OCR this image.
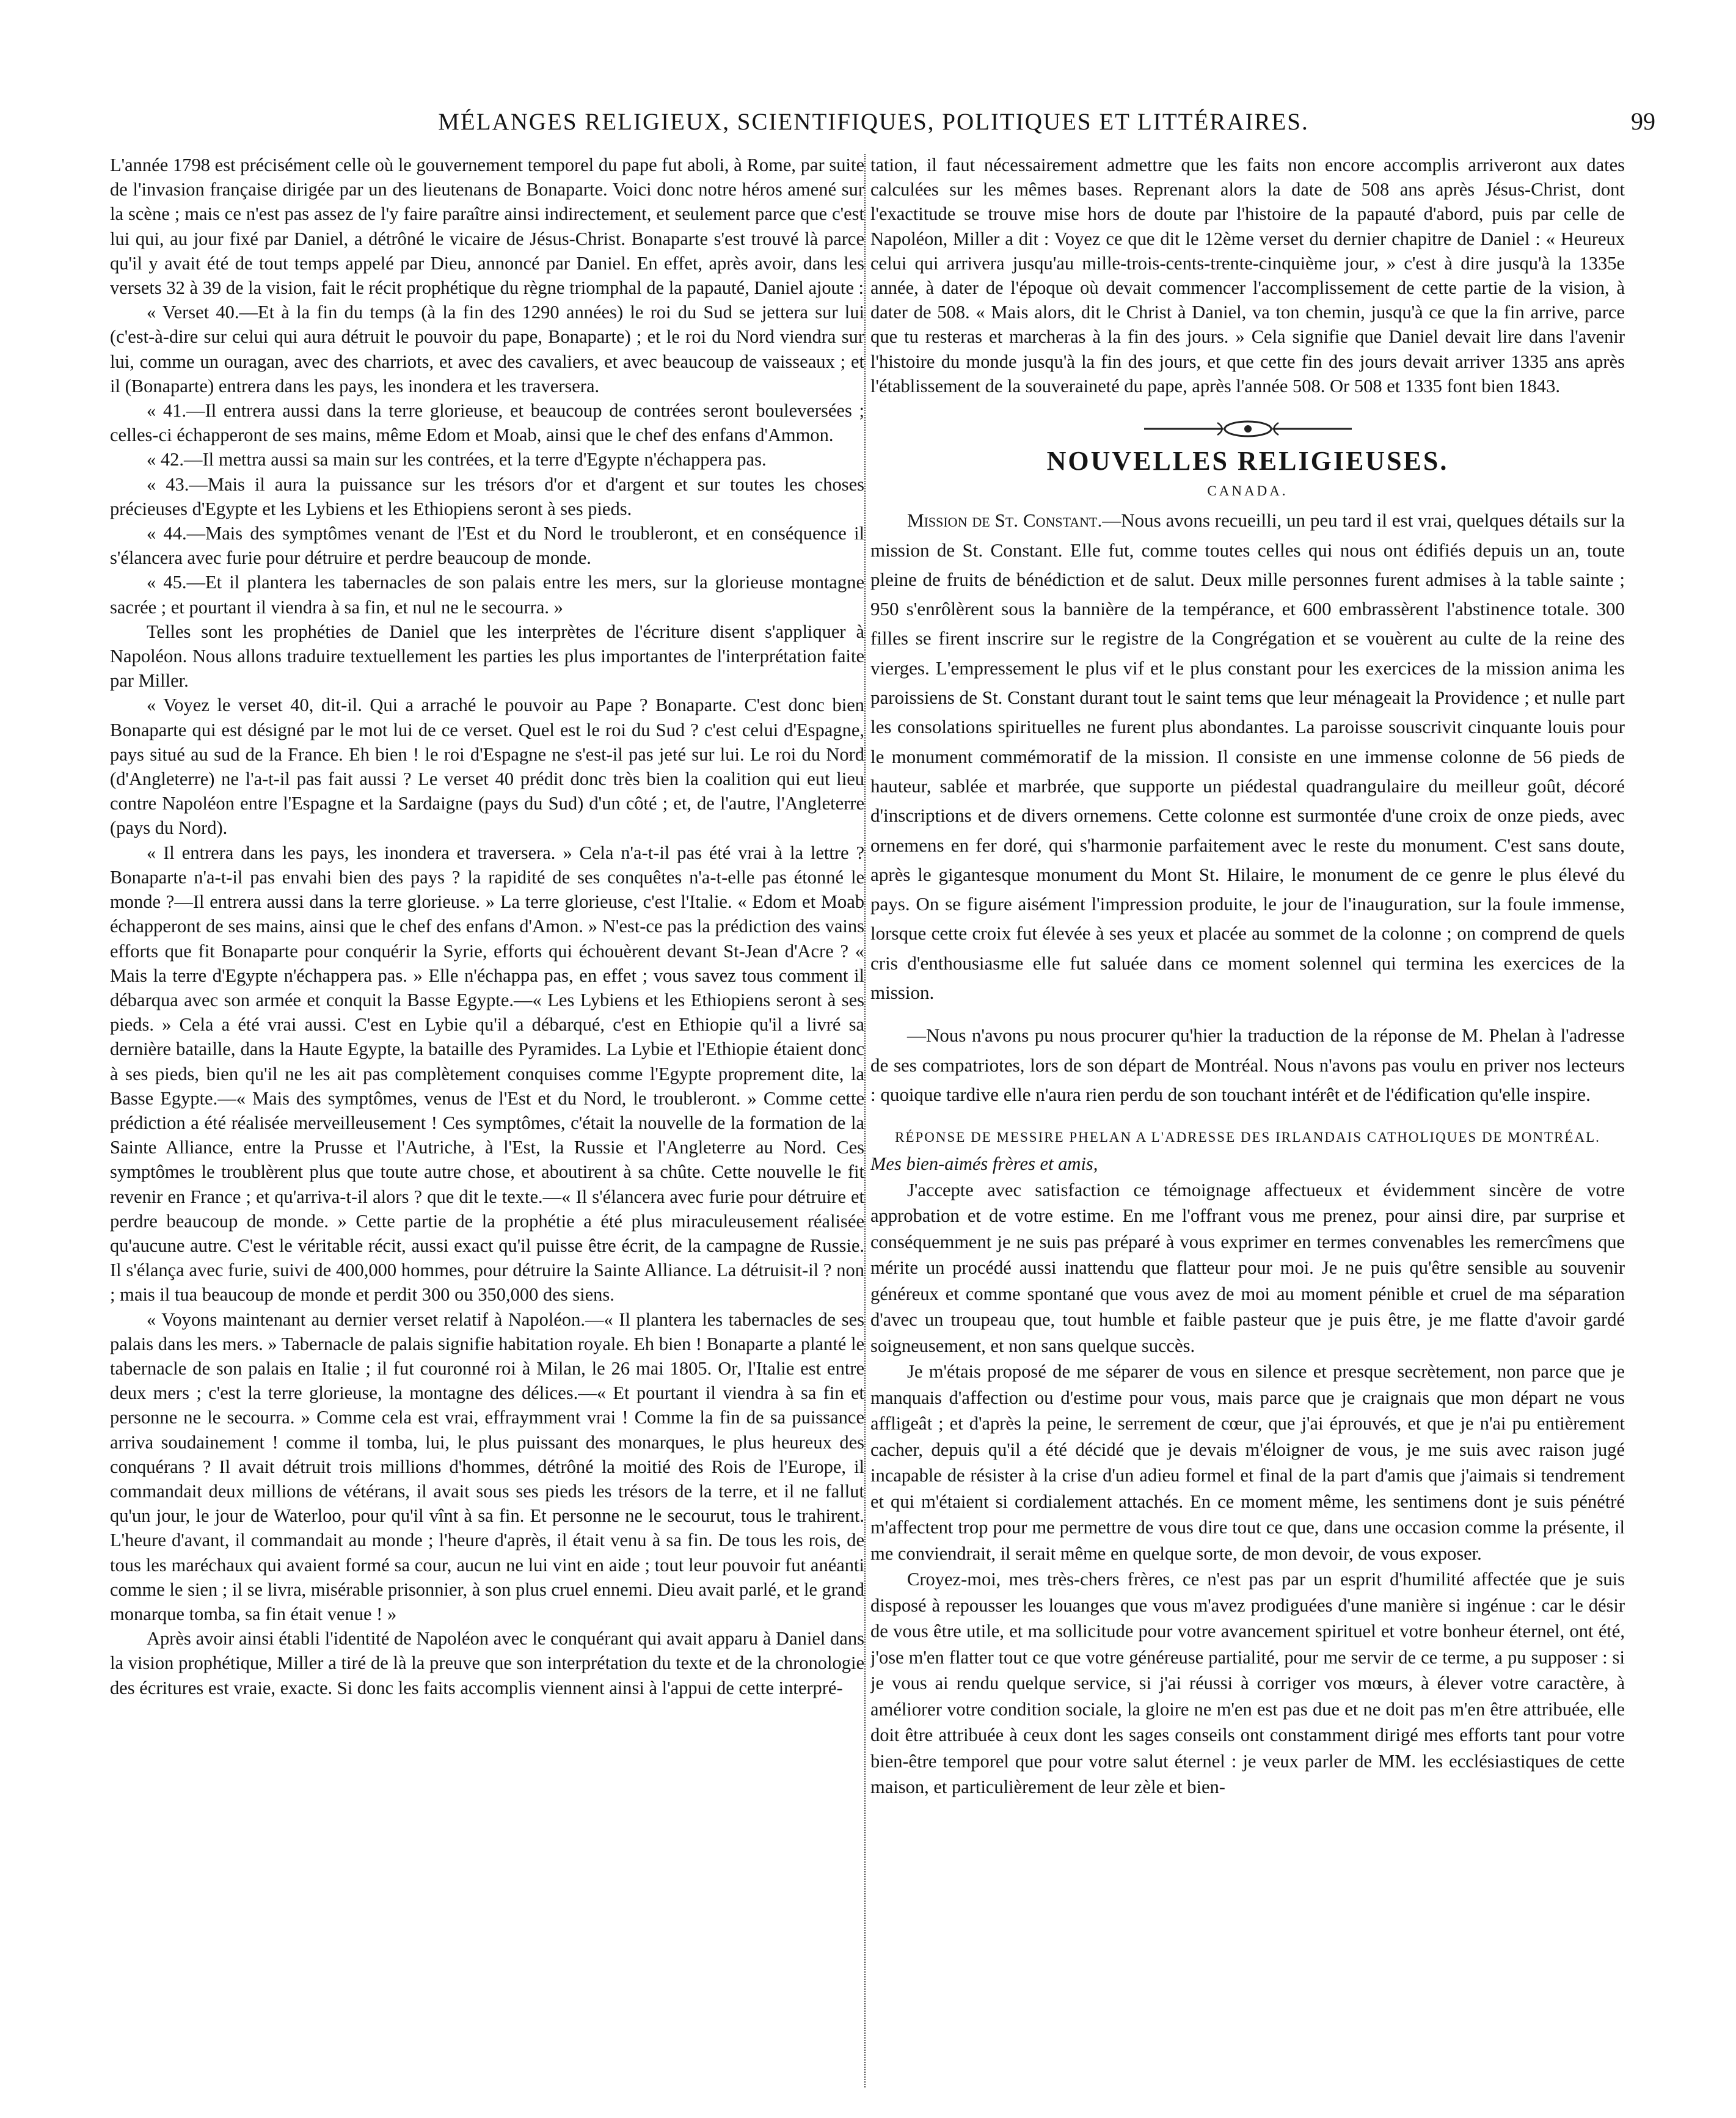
MÉLANGES RELIGIEUX, SCIENTIFIQUES, POLITIQUES ET LITTÉRAIRES.	99

L'année 1798 est précisément celle où le gouvernement temporel du pape fut aboli, à Rome, par suite de l'invasion française dirigée par un des lieutenans de Bonaparte. Voici donc notre héros amené sur la scène ; mais ce n'est pas assez de l'y faire paraître ainsi indirectement, et seulement parce que c'est lui qui, au jour fixé par Daniel, a détrôné le vicaire de Jésus-Christ. Bonaparte s'est trouvé là parce qu'il y avait été de tout temps appelé par Dieu, annoncé par Daniel. En effet, après avoir, dans les versets 32 à 39 de la vision, fait le récit prophétique du règne triomphal de la papauté, Daniel ajoute :

« Verset 40.—Et à la fin du temps (à la fin des 1290 années) le roi du Sud se jettera sur lui (c'est-à-dire sur celui qui aura détruit le pouvoir du pape, Bonaparte) ; et le roi du Nord viendra sur lui, comme un ouragan, avec des charriots, et avec des cavaliers, et avec beaucoup de vaisseaux ; et il (Bonaparte) entrera dans les pays, les inondera et les traversera.

« 41.—Il entrera aussi dans la terre glorieuse, et beaucoup de contrées seront bouleversées ; celles-ci échapperont de ses mains, même Edom et Moab, ainsi que le chef des enfans d'Ammon.

« 42.—Il mettra aussi sa main sur les contrées, et la terre d'Egypte n'échappera pas.

« 43.—Mais il aura la puissance sur les trésors d'or et d'argent et sur toutes les choses précieuses d'Egypte et les Lybiens et les Ethiopiens seront à ses pieds.

« 44.—Mais des symptômes venant de l'Est et du Nord le troubleront, et en conséquence il s'élancera avec furie pour détruire et perdre beaucoup de monde.

« 45.—Et il plantera les tabernacles de son palais entre les mers, sur la glorieuse montagne sacrée ; et pourtant il viendra à sa fin, et nul ne le secourra. »

Telles sont les prophéties de Daniel que les interprètes de l'écriture disent s'appliquer à Napoléon. Nous allons traduire textuellement les parties les plus importantes de l'interprétation faite par Miller.

« Voyez le verset 40, dit-il. Qui a arraché le pouvoir au Pape ? Bonaparte. C'est donc bien Bonaparte qui est désigné par le mot lui de ce verset. Quel est le roi du Sud ? c'est celui d'Espagne, pays situé au sud de la France. Eh bien ! le roi d'Espagne ne s'est-il pas jeté sur lui. Le roi du Nord (d'Angleterre) ne l'a-t-il pas fait aussi ? Le verset 40 prédit donc très bien la coalition qui eut lieu contre Napoléon entre l'Espagne et la Sardaigne (pays du Sud) d'un côté ; et, de l'autre, l'Angleterre (pays du Nord).

« Il entrera dans les pays, les inondera et traversera. » Cela n'a-t-il pas été vrai à la lettre ? Bonaparte n'a-t-il pas envahi bien des pays ? la rapidité de ses conquêtes n'a-t-elle pas étonné le monde ?—Il entrera aussi dans la terre glorieuse. » La terre glorieuse, c'est l'Italie. « Edom et Moab échapperont de ses mains, ainsi que le chef des enfans d'Amon. » N'est-ce pas la prédiction des vains efforts que fit Bonaparte pour conquérir la Syrie, efforts qui échouèrent devant St-Jean d'Acre ? « Mais la terre d'Egypte n'échappera pas. » Elle n'échappa pas, en effet ; vous savez tous comment il débarqua avec son armée et conquit la Basse Egypte.—« Les Lybiens et les Ethiopiens seront à ses pieds. » Cela a été vrai aussi. C'est en Lybie qu'il a débarqué, c'est en Ethiopie qu'il a livré sa dernière bataille, dans la Haute Egypte, la bataille des Pyramides. La Lybie et l'Ethiopie étaient donc à ses pieds, bien qu'il ne les ait pas complètement conquises comme l'Egypte proprement dite, la Basse Egypte.—« Mais des symptômes, venus de l'Est et du Nord, le troubleront. » Comme cette prédiction a été réalisée merveilleusement ! Ces symptômes, c'était la nouvelle de la formation de la Sainte Alliance, entre la Prusse et l'Autriche, à l'Est, la Russie et l'Angleterre au Nord. Ces symptômes le troublèrent plus que toute autre chose, et aboutirent à sa chûte. Cette nouvelle le fit revenir en France ; et qu'arriva-t-il alors ? que dit le texte.—« Il s'élancera avec furie pour détruire et perdre beaucoup de monde. » Cette partie de la prophétie a été plus miraculeusement réalisée qu'aucune autre. C'est le véritable récit, aussi exact qu'il puisse être écrit, de la campagne de Russie. Il s'élança avec furie, suivi de 400,000 hommes, pour détruire la Sainte Alliance. La détruisit-il ? non ; mais il tua beaucoup de monde et perdit 300 ou 350,000 des siens.

« Voyons maintenant au dernier verset relatif à Napoléon.—« Il plantera les tabernacles de ses palais dans les mers. » Tabernacle de palais signifie habitation royale. Eh bien ! Bonaparte a planté le tabernacle de son palais en Italie ; il fut couronné roi à Milan, le 26 mai 1805. Or, l'Italie est entre deux mers ; c'est la terre glorieuse, la montagne des délices.—« Et pourtant il viendra à sa fin et personne ne le secourra. » Comme cela est vrai, effraymment vrai ! Comme la fin de sa puissance arriva soudainement ! comme il tomba, lui, le plus puissant des monarques, le plus heureux des conquérans ? Il avait détruit trois millions d'hommes, détrôné la moitié des Rois de l'Europe, il commandait deux millions de vétérans, il avait sous ses pieds les trésors de la terre, et il ne fallut qu'un jour, le jour de Waterloo, pour qu'il vînt à sa fin. Et personne ne le secourut, tous le trahirent. L'heure d'avant, il commandait au monde ; l'heure d'après, il était venu à sa fin. De tous les rois, de tous les maréchaux qui avaient formé sa cour, aucun ne lui vint en aide ; tout leur pouvoir fut anéanti comme le sien ; il se livra, misérable prisonnier, à son plus cruel ennemi. Dieu avait parlé, et le grand monarque tomba, sa fin était venue ! »

Après avoir ainsi établi l'identité de Napoléon avec le conquérant qui avait apparu à Daniel dans la vision prophétique, Miller a tiré de là la preuve que son interprétation du texte et de la chronologie des écritures est vraie, exacte. Si donc les faits accomplis viennent ainsi à l'appui de cette interpré-

tation, il faut nécessairement admettre que les faits non encore accomplis arriveront aux dates calculées sur les mêmes bases. Reprenant alors la date de 508 ans après Jésus-Christ, dont l'exactitude se trouve mise hors de doute par l'histoire de la papauté d'abord, puis par celle de Napoléon, Miller a dit : Voyez ce que dit le 12ème verset du dernier chapitre de Daniel : « Heureux celui qui arrivera jusqu'au mille-trois-cents-trente-cinquième jour, » c'est à dire jusqu'à la 1335e année, à dater de l'époque où devait commencer l'accomplissement de cette partie de la vision, à dater de 508. « Mais alors, dit le Christ à Daniel, va ton chemin, jusqu'à ce que la fin arrive, parce que tu resteras et marcheras à la fin des jours. » Cela signifie que Daniel devait lire dans l'avenir l'histoire du monde jusqu'à la fin des jours, et que cette fin des jours devait arriver 1335 ans après l'établissement de la souveraineté du pape, après l'année 508. Or 508 et 1335 font bien 1843.

NOUVELLES RELIGIEUSES.
CANADA.

Mission de St. Constant.—Nous avons recueilli, un peu tard il est vrai, quelques détails sur la mission de St. Constant. Elle fut, comme toutes celles qui nous ont édifiés depuis un an, toute pleine de fruits de bénédiction et de salut. Deux mille personnes furent admises à la table sainte ; 950 s'enrôlèrent sous la bannière de la tempérance, et 600 embrassèrent l'abstinence totale. 300 filles se firent inscrire sur le registre de la Congrégation et se vouèrent au culte de la reine des vierges. L'empressement le plus vif et le plus constant pour les exercices de la mission anima les paroissiens de St. Constant durant tout le saint tems que leur ménageait la Providence ; et nulle part les consolations spirituelles ne furent plus abondantes. La paroisse souscrivit cinquante louis pour le monument commémoratif de la mission. Il consiste en une immense colonne de 56 pieds de hauteur, sablée et marbrée, que supporte un piédestal quadrangulaire du meilleur goût, décoré d'inscriptions et de divers ornemens. Cette colonne est surmontée d'une croix de onze pieds, avec ornemens en fer doré, qui s'harmonie parfaitement avec le reste du monument. C'est sans doute, après le gigantesque monument du Mont St. Hilaire, le monument de ce genre le plus élevé du pays. On se figure aisément l'impression produite, le jour de l'inauguration, sur la foule immense, lorsque cette croix fut élevée à ses yeux et placée au sommet de la colonne ; on comprend de quels cris d'enthousiasme elle fut saluée dans ce moment solennel qui termina les exercices de la mission.

—Nous n'avons pu nous procurer qu'hier la traduction de la réponse de M. Phelan à l'adresse de ses compatriotes, lors de son départ de Montréal. Nous n'avons pas voulu en priver nos lecteurs : quoique tardive elle n'aura rien perdu de son touchant intérêt et de l'édification qu'elle inspire.

RÉPONSE DE MESSIRE PHELAN A L'ADRESSE DES IRLANDAIS CATHOLIQUES DE MONTRÉAL.

Mes bien-aimés frères et amis,

J'accepte avec satisfaction ce témoignage affectueux et évidemment sincère de votre approbation et de votre estime. En me l'offrant vous me prenez, pour ainsi dire, par surprise et conséquemment je ne suis pas préparé à vous exprimer en termes convenables les remercîmens que mérite un procédé aussi inattendu que flatteur pour moi. Je ne puis qu'être sensible au souvenir généreux et comme spontané que vous avez de moi au moment pénible et cruel de ma séparation d'avec un troupeau que, tout humble et faible pasteur que je puis être, je me flatte d'avoir gardé soigneusement, et non sans quelque succès.

Je m'étais proposé de me séparer de vous en silence et presque secrètement, non parce que je manquais d'affection ou d'estime pour vous, mais parce que je craignais que mon départ ne vous affligeât ; et d'après la peine, le serrement de cœur, que j'ai éprouvés, et que je n'ai pu entièrement cacher, depuis qu'il a été décidé que je devais m'éloigner de vous, je me suis avec raison jugé incapable de résister à la crise d'un adieu formel et final de la part d'amis que j'aimais si tendrement et qui m'étaient si cordialement attachés. En ce moment même, les sentimens dont je suis pénétré m'affectent trop pour me permettre de vous dire tout ce que, dans une occasion comme la présente, il me conviendrait, il serait même en quelque sorte, de mon devoir, de vous exposer.

Croyez-moi, mes très-chers frères, ce n'est pas par un esprit d'humilité affectée que je suis disposé à repousser les louanges que vous m'avez prodiguées d'une manière si ingénue : car le désir de vous être utile, et ma sollicitude pour votre avancement spirituel et votre bonheur éternel, ont été, j'ose m'en flatter tout ce que votre généreuse partialité, pour me servir de ce terme, a pu supposer : si je vous ai rendu quelque service, si j'ai réussi à corriger vos mœurs, à élever votre caractère, à améliorer votre condition sociale, la gloire ne m'en est pas due et ne doit pas m'en être attribuée, elle doit être attribuée à ceux dont les sages conseils ont constamment dirigé mes efforts tant pour votre bien-être temporel que pour votre salut éternel : je veux parler de MM. les ecclésiastiques de cette maison, et particulièrement de leur zèle et bien-
